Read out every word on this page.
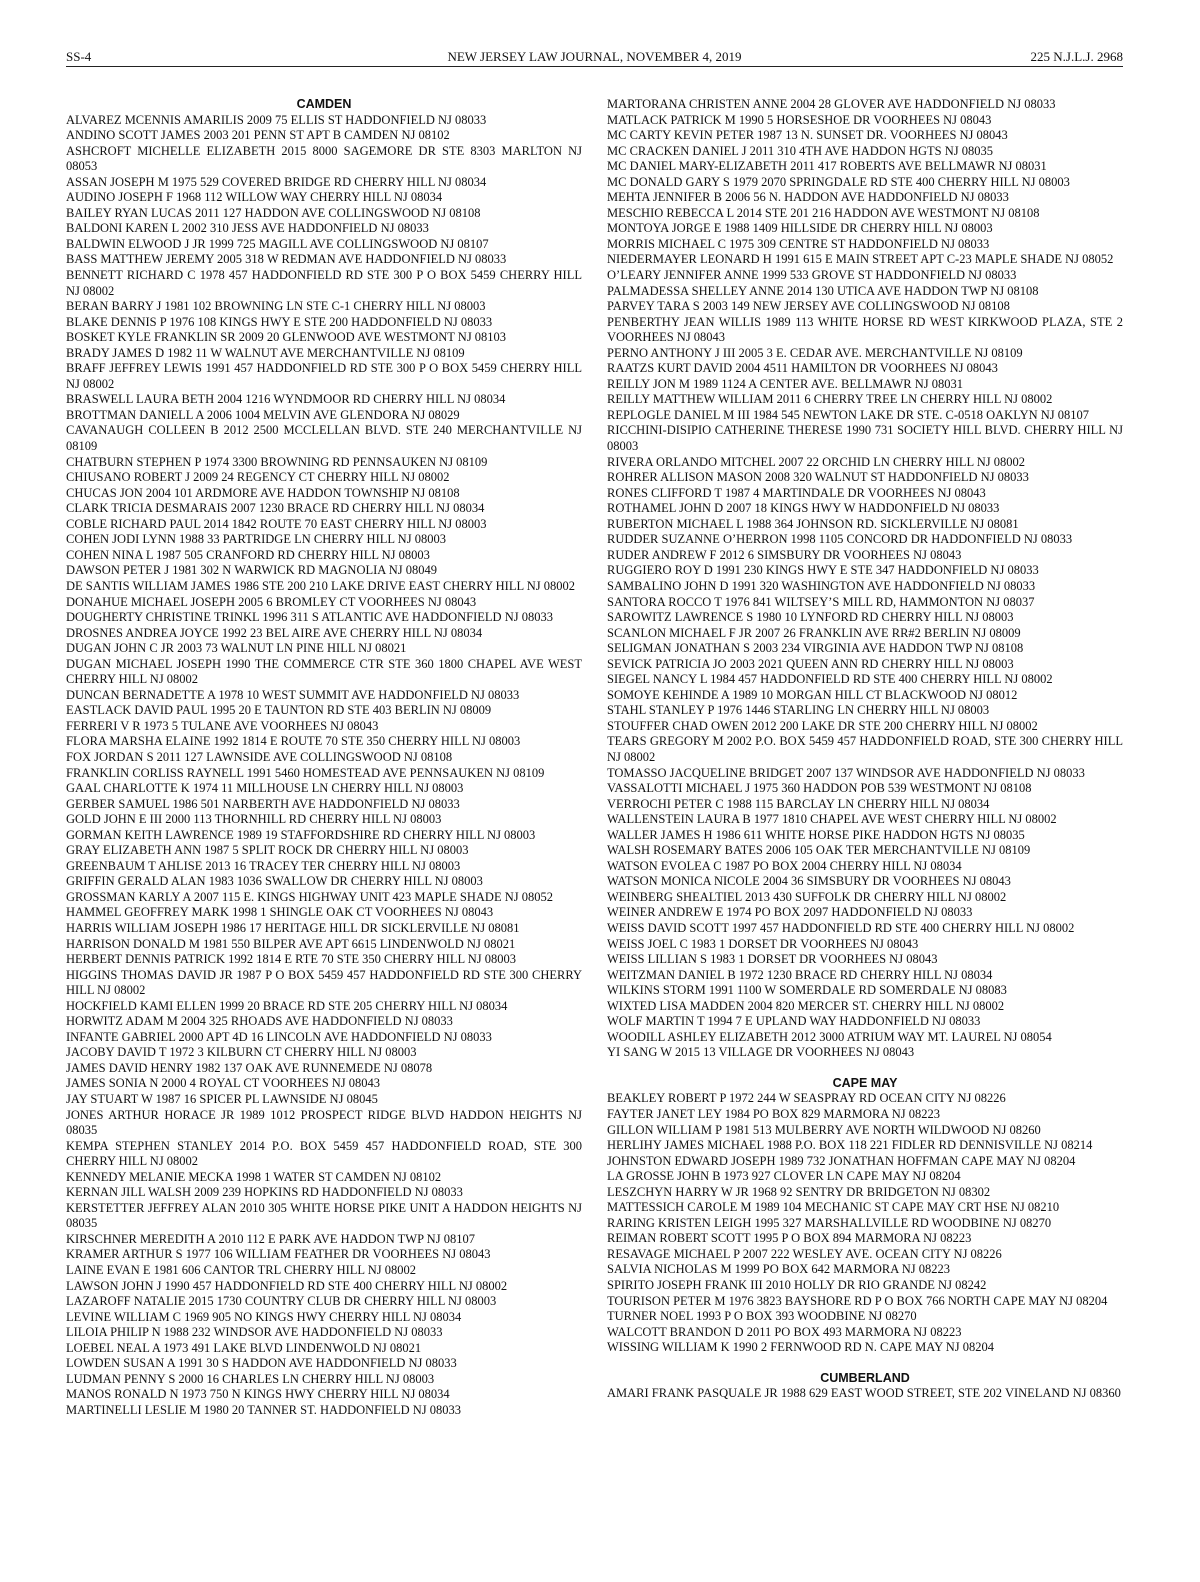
SS-4	NEW JERSEY LAW JOURNAL, NOVEMBER 4, 2019	225 N.J.L.J. 2968
CAMDEN
ALVAREZ MCENNIS AMARILIS 2009 75 ELLIS ST HADDONFIELD NJ 08033
ANDINO SCOTT JAMES 2003 201 PENN ST APT B CAMDEN NJ 08102
ASHCROFT MICHELLE ELIZABETH 2015 8000 SAGEMORE DR STE 8303 MARLTON NJ 08053
ASSAN JOSEPH M 1975 529 COVERED BRIDGE RD CHERRY HILL NJ 08034
AUDINO JOSEPH F 1968 112 WILLOW WAY CHERRY HILL NJ 08034
BAILEY RYAN LUCAS 2011 127 HADDON AVE COLLINGSWOOD NJ 08108
BALDONI KAREN L 2002 310 JESS AVE HADDONFIELD NJ 08033
BALDWIN ELWOOD J JR 1999 725 MAGILL AVE COLLINGSWOOD NJ 08107
BASS MATTHEW JEREMY 2005 318 W REDMAN AVE HADDONFIELD NJ 08033
BENNETT RICHARD C 1978 457 HADDONFIELD RD STE 300 P O BOX 5459 CHERRY HILL NJ 08002
BERAN BARRY J 1981 102 BROWNING LN STE C-1 CHERRY HILL NJ 08003
BLAKE DENNIS P 1976 108 KINGS HWY E STE 200 HADDONFIELD NJ 08033
BOSKET KYLE FRANKLIN SR 2009 20 GLENWOOD AVE WESTMONT NJ 08103
BRADY JAMES D 1982 11 W WALNUT AVE MERCHANTVILLE NJ 08109
BRAFF JEFFREY LEWIS 1991 457 HADDONFIELD RD STE 300 P O BOX 5459 CHERRY HILL NJ 08002
BRASWELL LAURA BETH 2004 1216 WYNDMOOR RD CHERRY HILL NJ 08034
BROTTMAN DANIELL A 2006 1004 MELVIN AVE GLENDORA NJ 08029
CAVANAUGH COLLEEN B 2012 2500 MCCLELLAN BLVD. STE 240 MERCHANTVILLE NJ 08109
CHATBURN STEPHEN P 1974 3300 BROWNING RD PENNSAUKEN NJ 08109
CHIUSANO ROBERT J 2009 24 REGENCY CT CHERRY HILL NJ 08002
CHUCAS JON 2004 101 ARDMORE AVE HADDON TOWNSHIP NJ 08108
CLARK TRICIA DESMARAIS 2007 1230 BRACE RD CHERRY HILL NJ 08034
COBLE RICHARD PAUL 2014 1842 ROUTE 70 EAST CHERRY HILL NJ 08003
COHEN JODI LYNN 1988 33 PARTRIDGE LN CHERRY HILL NJ 08003
COHEN NINA L 1987 505 CRANFORD RD CHERRY HILL NJ 08003
DAWSON PETER J 1981 302 N WARWICK RD MAGNOLIA NJ 08049
DE SANTIS WILLIAM JAMES 1986 STE 200 210 LAKE DRIVE EAST CHERRY HILL NJ 08002
DONAHUE MICHAEL JOSEPH 2005 6 BROMLEY CT VOORHEES NJ 08043
DOUGHERTY CHRISTINE TRINKL 1996 311 S ATLANTIC AVE HADDONFIELD NJ 08033
DROSNES ANDREA JOYCE 1992 23 BEL AIRE AVE CHERRY HILL NJ 08034
DUGAN JOHN C JR 2003 73 WALNUT LN PINE HILL NJ 08021
DUGAN MICHAEL JOSEPH 1990 THE COMMERCE CTR STE 360 1800 CHAPEL AVE WEST CHERRY HILL NJ 08002
DUNCAN BERNADETTE A 1978 10 WEST SUMMIT AVE HADDONFIELD NJ 08033
EASTLACK DAVID PAUL 1995 20 E TAUNTON RD STE 403 BERLIN NJ 08009
FERRERI V R 1973 5 TULANE AVE VOORHEES NJ 08043
FLORA MARSHA ELAINE 1992 1814 E ROUTE 70 STE 350 CHERRY HILL NJ 08003
FOX JORDAN S 2011 127 LAWNSIDE AVE COLLINGSWOOD NJ 08108
FRANKLIN CORLISS RAYNELL 1991 5460 HOMESTEAD AVE PENNSAUKEN NJ 08109
GAAL CHARLOTTE K 1974 11 MILLHOUSE LN CHERRY HILL NJ 08003
GERBER SAMUEL 1986 501 NARBERTH AVE HADDONFIELD NJ 08033
GOLD JOHN E III 2000 113 THORNHILL RD CHERRY HILL NJ 08003
GORMAN KEITH LAWRENCE 1989 19 STAFFORDSHIRE RD CHERRY HILL NJ 08003
GRAY ELIZABETH ANN 1987 5 SPLIT ROCK DR CHERRY HILL NJ 08003
GREENBAUM T AHLISE 2013 16 TRACEY TER CHERRY HILL NJ 08003
GRIFFIN GERALD ALAN 1983 1036 SWALLOW DR CHERRY HILL NJ 08003
GROSSMAN KARLY A 2007 115 E. KINGS HIGHWAY UNIT 423 MAPLE SHADE NJ 08052
HAMMEL GEOFFREY MARK 1998 1 SHINGLE OAK CT VOORHEES NJ 08043
HARRIS WILLIAM JOSEPH 1986 17 HERITAGE HILL DR SICKLERVILLE NJ 08081
HARRISON DONALD M 1981 550 BILPER AVE APT 6615 LINDENWOLD NJ 08021
HERBERT DENNIS PATRICK 1992 1814 E RTE 70 STE 350 CHERRY HILL NJ 08003
HIGGINS THOMAS DAVID JR 1987 P O BOX 5459 457 HADDONFIELD RD STE 300 CHERRY HILL NJ 08002
HOCKFIELD KAMI ELLEN 1999 20 BRACE RD STE 205 CHERRY HILL NJ 08034
HORWITZ ADAM M 2004 325 RHOADS AVE HADDONFIELD NJ 08033
INFANTE GABRIEL 2000 APT 4D 16 LINCOLN AVE HADDONFIELD NJ 08033
JACOBY DAVID T 1972 3 KILBURN CT CHERRY HILL NJ 08003
JAMES DAVID HENRY 1982 137 OAK AVE RUNNEMEDE NJ 08078
JAMES SONIA N 2000 4 ROYAL CT VOORHEES NJ 08043
JAY STUART W 1987 16 SPICER PL LAWNSIDE NJ 08045
JONES ARTHUR HORACE JR 1989 1012 PROSPECT RIDGE BLVD HADDON HEIGHTS NJ 08035
KEMPA STEPHEN STANLEY 2014 P.O. BOX 5459 457 HADDONFIELD ROAD, STE 300 CHERRY HILL NJ 08002
KENNEDY MELANIE MECKA 1998 1 WATER ST CAMDEN NJ 08102
KERNAN JILL WALSH 2009 239 HOPKINS RD HADDONFIELD NJ 08033
KERSTETTER JEFFREY ALAN 2010 305 WHITE HORSE PIKE UNIT A HADDON HEIGHTS NJ 08035
KIRSCHNER MEREDITH A 2010 112 E PARK AVE HADDON TWP NJ 08107
KRAMER ARTHUR S 1977 106 WILLIAM FEATHER DR VOORHEES NJ 08043
LAINE EVAN E 1981 606 CANTOR TRL CHERRY HILL NJ 08002
LAWSON JOHN J 1990 457 HADDONFIELD RD STE 400 CHERRY HILL NJ 08002
LAZAROFF NATALIE 2015 1730 COUNTRY CLUB DR CHERRY HILL NJ 08003
LEVINE WILLIAM C 1969 905 NO KINGS HWY CHERRY HILL NJ 08034
LILOIA PHILIP N 1988 232 WINDSOR AVE HADDONFIELD NJ 08033
LOEBEL NEAL A 1973 491 LAKE BLVD LINDENWOLD NJ 08021
LOWDEN SUSAN A 1991 30 S HADDON AVE HADDONFIELD NJ 08033
LUDMAN PENNY S 2000 16 CHARLES LN CHERRY HILL NJ 08003
MANOS RONALD N 1973 750 N KINGS HWY CHERRY HILL NJ 08034
MARTINELLI LESLIE M 1980 20 TANNER ST. HADDONFIELD NJ 08033
MARTORANA CHRISTEN ANNE 2004 28 GLOVER AVE HADDONFIELD NJ 08033
MATLACK PATRICK M 1990 5 HORSESHOE DR VOORHEES NJ 08043
MC CARTY KEVIN PETER 1987 13 N. SUNSET DR. VOORHEES NJ 08043
MC CRACKEN DANIEL J 2011 310 4TH AVE HADDON HGTS NJ 08035
MC DANIEL MARY-ELIZABETH 2011 417 ROBERTS AVE BELLMAWR NJ 08031
MC DONALD GARY S 1979 2070 SPRINGDALE RD STE 400 CHERRY HILL NJ 08003
MEHTA JENNIFER B 2006 56 N. HADDON AVE HADDONFIELD NJ 08033
MESCHIO REBECCA L 2014 STE 201 216 HADDON AVE WESTMONT NJ 08108
MONTOYA JORGE E 1988 1409 HILLSIDE DR CHERRY HILL NJ 08003
MORRIS MICHAEL C 1975 309 CENTRE ST HADDONFIELD NJ 08033
NIEDERMAYER LEONARD H 1991 615 E MAIN STREET APT C-23 MAPLE SHADE NJ 08052
O’LEARY JENNIFER ANNE 1999 533 GROVE ST HADDONFIELD NJ 08033
PALMADESSA SHELLEY ANNE 2014 130 UTICA AVE HADDON TWP NJ 08108
PARVEY TARA S 2003 149 NEW JERSEY AVE COLLINGSWOOD NJ 08108
PENBERTHY JEAN WILLIS 1989 113 WHITE HORSE RD WEST KIRKWOOD PLAZA, STE 2 VOORHEES NJ 08043
PERNO ANTHONY J III 2005 3 E. CEDAR AVE. MERCHANTVILLE NJ 08109
RAATZS KURT DAVID 2004 4511 HAMILTON DR VOORHEES NJ 08043
REILLY JON M 1989 1124 A CENTER AVE. BELLMAWR NJ 08031
REILLY MATTHEW WILLIAM 2011 6 CHERRY TREE LN CHERRY HILL NJ 08002
REPLOGLE DANIEL M III 1984 545 NEWTON LAKE DR STE. C-0518 OAKLYN NJ 08107
RICCHINI-DISIPIO CATHERINE THERESE 1990 731 SOCIETY HILL BLVD. CHERRY HILL NJ 08003
RIVERA ORLANDO MITCHEL 2007 22 ORCHID LN CHERRY HILL NJ 08002
ROHRER ALLISON MASON 2008 320 WALNUT ST HADDONFIELD NJ 08033
RONES CLIFFORD T 1987 4 MARTINDALE DR VOORHEES NJ 08043
ROTHAMEL JOHN D 2007 18 KINGS HWY W HADDONFIELD NJ 08033
RUBERTON MICHAEL L 1988 364 JOHNSON RD. SICKLERVILLE NJ 08081
RUDDER SUZANNE O’HERRON 1998 1105 CONCORD DR HADDONFIELD NJ 08033
RUDER ANDREW F 2012 6 SIMSBURY DR VOORHEES NJ 08043
RUGGIERO ROY D 1991 230 KINGS HWY E STE 347 HADDONFIELD NJ 08033
SAMBALINO JOHN D 1991 320 WASHINGTON AVE HADDONFIELD NJ 08033
SANTORA ROCCO T 1976 841 WILTSEY’S MILL RD, HAMMONTON NJ 08037
SAROWITZ LAWRENCE S 1980 10 LYNFORD RD CHERRY HILL NJ 08003
SCANLON MICHAEL F JR 2007 26 FRANKLIN AVE RR#2 BERLIN NJ 08009
SELIGMAN JONATHAN S 2003 234 VIRGINIA AVE HADDON TWP NJ 08108
SEVICK PATRICIA JO 2003 2021 QUEEN ANN RD CHERRY HILL NJ 08003
SIEGEL NANCY L 1984 457 HADDONFIELD RD STE 400 CHERRY HILL NJ 08002
SOMOYE KEHINDE A 1989 10 MORGAN HILL CT BLACKWOOD NJ 08012
STAHL STANLEY P 1976 1446 STARLING LN CHERRY HILL NJ 08003
STOUFFER CHAD OWEN 2012 200 LAKE DR STE 200 CHERRY HILL NJ 08002
TEARS GREGORY M 2002 P.O. BOX 5459 457 HADDONFIELD ROAD, STE 300 CHERRY HILL NJ 08002
TOMASSO JACQUELINE BRIDGET 2007 137 WINDSOR AVE HADDONFIELD NJ 08033
VASSALOTTI MICHAEL J 1975 360 HADDON POB 539 WESTMONT NJ 08108
VERROCHI PETER C 1988 115 BARCLAY LN CHERRY HILL NJ 08034
WALLENSTEIN LAURA B 1977 1810 CHAPEL AVE WEST CHERRY HILL NJ 08002
WALLER JAMES H 1986 611 WHITE HORSE PIKE HADDON HGTS NJ 08035
WALSH ROSEMARY BATES 2006 105 OAK TER MERCHANTVILLE NJ 08109
WATSON EVOLEA C 1987 PO BOX 2004 CHERRY HILL NJ 08034
WATSON MONICA NICOLE 2004 36 SIMSBURY DR VOORHEES NJ 08043
WEINBERG SHEALTIEL 2013 430 SUFFOLK DR CHERRY HILL NJ 08002
WEINER ANDREW E 1974 PO BOX 2097 HADDONFIELD NJ 08033
WEISS DAVID SCOTT 1997 457 HADDONFIELD RD STE 400 CHERRY HILL NJ 08002
WEISS JOEL C 1983 1 DORSET DR VOORHEES NJ 08043
WEISS LILLIAN S 1983 1 DORSET DR VOORHEES NJ 08043
WEITZMAN DANIEL B 1972 1230 BRACE RD CHERRY HILL NJ 08034
WILKINS STORM 1991 1100 W SOMERDALE RD SOMERDALE NJ 08083
WIXTED LISA MADDEN 2004 820 MERCER ST. CHERRY HILL NJ 08002
WOLF MARTIN T 1994 7 E UPLAND WAY HADDONFIELD NJ 08033
WOODILL ASHLEY ELIZABETH 2012 3000 ATRIUM WAY MT. LAUREL NJ 08054
YI SANG W 2015 13 VILLAGE DR VOORHEES NJ 08043
CAPE MAY
BEAKLEY ROBERT P 1972 244 W SEASPRAY RD OCEAN CITY NJ 08226
FAYTER JANET LEY 1984 PO BOX 829 MARMORA NJ 08223
GILLON WILLIAM P 1981 513 MULBERRY AVE NORTH WILDWOOD NJ 08260
HERLIHY JAMES MICHAEL 1988 P.O. BOX 118 221 FIDLER RD DENNISVILLE NJ 08214
JOHNSTON EDWARD JOSEPH 1989 732 JONATHAN HOFFMAN CAPE MAY NJ 08204
LA GROSSE JOHN B 1973 927 CLOVER LN CAPE MAY NJ 08204
LESZCHYN HARRY W JR 1968 92 SENTRY DR BRIDGETON NJ 08302
MATTESSICH CAROLE M 1989 104 MECHANIC ST CAPE MAY CRT HSE NJ 08210
RARING KRISTEN LEIGH 1995 327 MARSHALLVILLE RD WOODBINE NJ 08270
REIMAN ROBERT SCOTT 1995 P O BOX 894 MARMORA NJ 08223
RESAVAGE MICHAEL P 2007 222 WESLEY AVE. OCEAN CITY NJ 08226
SALVIA NICHOLAS M 1999 PO BOX 642 MARMORA NJ 08223
SPIRITO JOSEPH FRANK III 2010 HOLLY DR RIO GRANDE NJ 08242
TOURISON PETER M 1976 3823 BAYSHORE RD P O BOX 766 NORTH CAPE MAY NJ 08204
TURNER NOEL 1993 P O BOX 393 WOODBINE NJ 08270
WALCOTT BRANDON D 2011 PO BOX 493 MARMORA NJ 08223
WISSING WILLIAM K 1990 2 FERNWOOD RD N. CAPE MAY NJ 08204
CUMBERLAND
AMARI FRANK PASQUALE JR 1988 629 EAST WOOD STREET, STE 202 VINELAND NJ 08360
